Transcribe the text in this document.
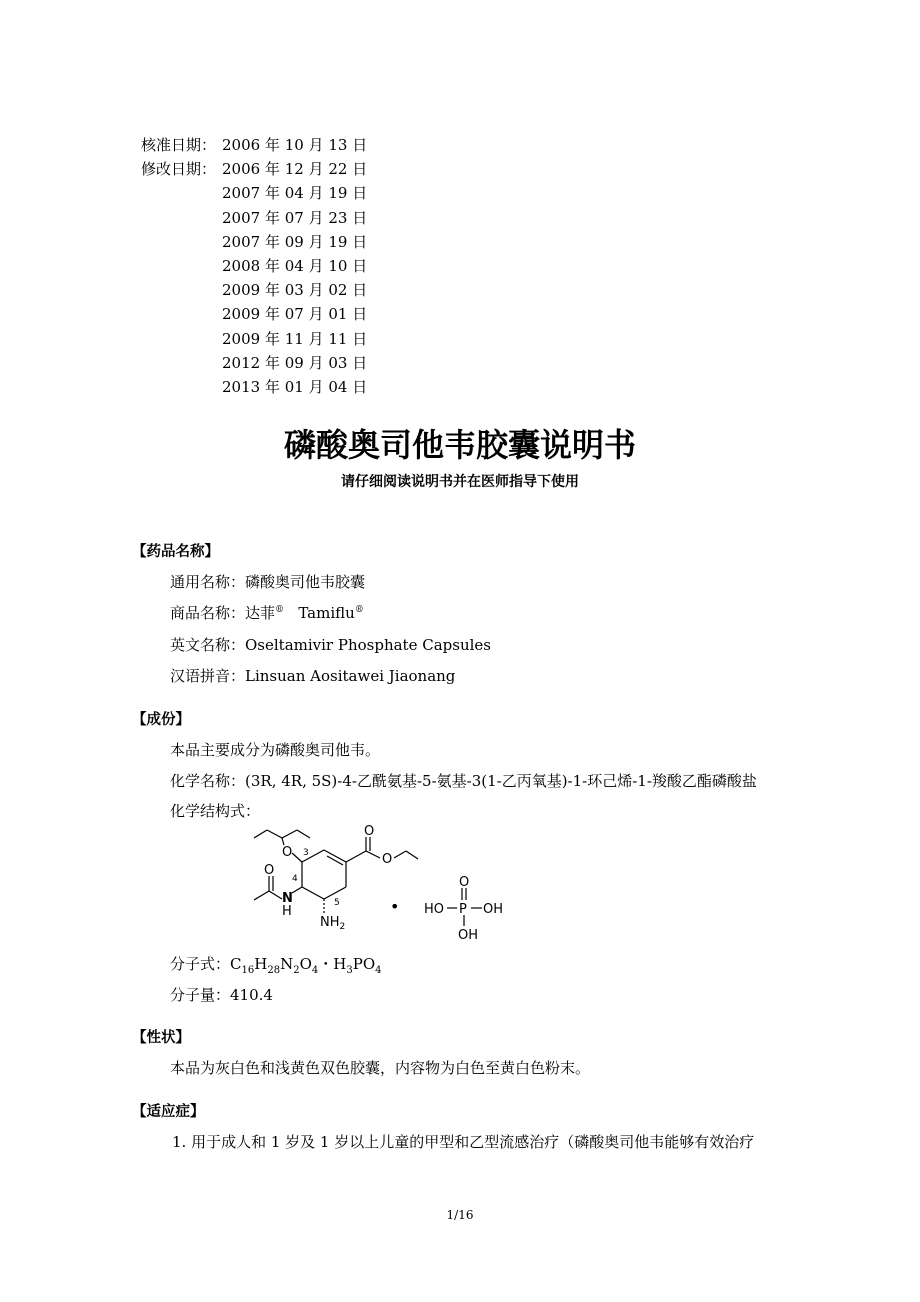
核准日期： 2006 年 10 月 13 日
修改日期： 2006 年 12 月 22 日
2007 年 04 月 19 日
2007 年 07 月 23 日
2007 年 09 月 19 日
2008 年 04 月 10 日
2009 年 03 月 02 日
2009 年 07 月 01 日
2009 年 11 月 11 日
2012 年 09 月 03 日
2013 年 01 月 04 日
磷酸奥司他韦胶囊说明书
请仔细阅读说明书并在医师指导下使用
【药品名称】
通用名称：磷酸奥司他韦胶囊
商品名称：达菲® Tamiflu®
英文名称：Oseltamivir Phosphate Capsules
汉语拼音：Linsuan Aositawei Jiaonang
【成份】
本品主要成分为磷酸奥司他韦。
化学名称：(3R, 4R, 5S)-4-乙酰氨基-5-氨基-3(1-乙丙氧基)-1-环己烯-1-羧酸乙酯磷酸盐
化学结构式：
O
O
O
O
3
4
5
N
H
$NH_2$
•
O
P
HO	OH
OH
分子式：$C_{16}H_{28}N_2O_4$・$H_3PO_4$
分子量：410.4
【性状】
本品为灰白色和浅黄色双色胶囊，内容物为白色至黄白色粉末。
【适应症】
1. 用于成人和 1 岁及 1 岁以上儿童的甲型和乙型流感治疗（磷酸奥司他韦能够有效治疗
1/16
